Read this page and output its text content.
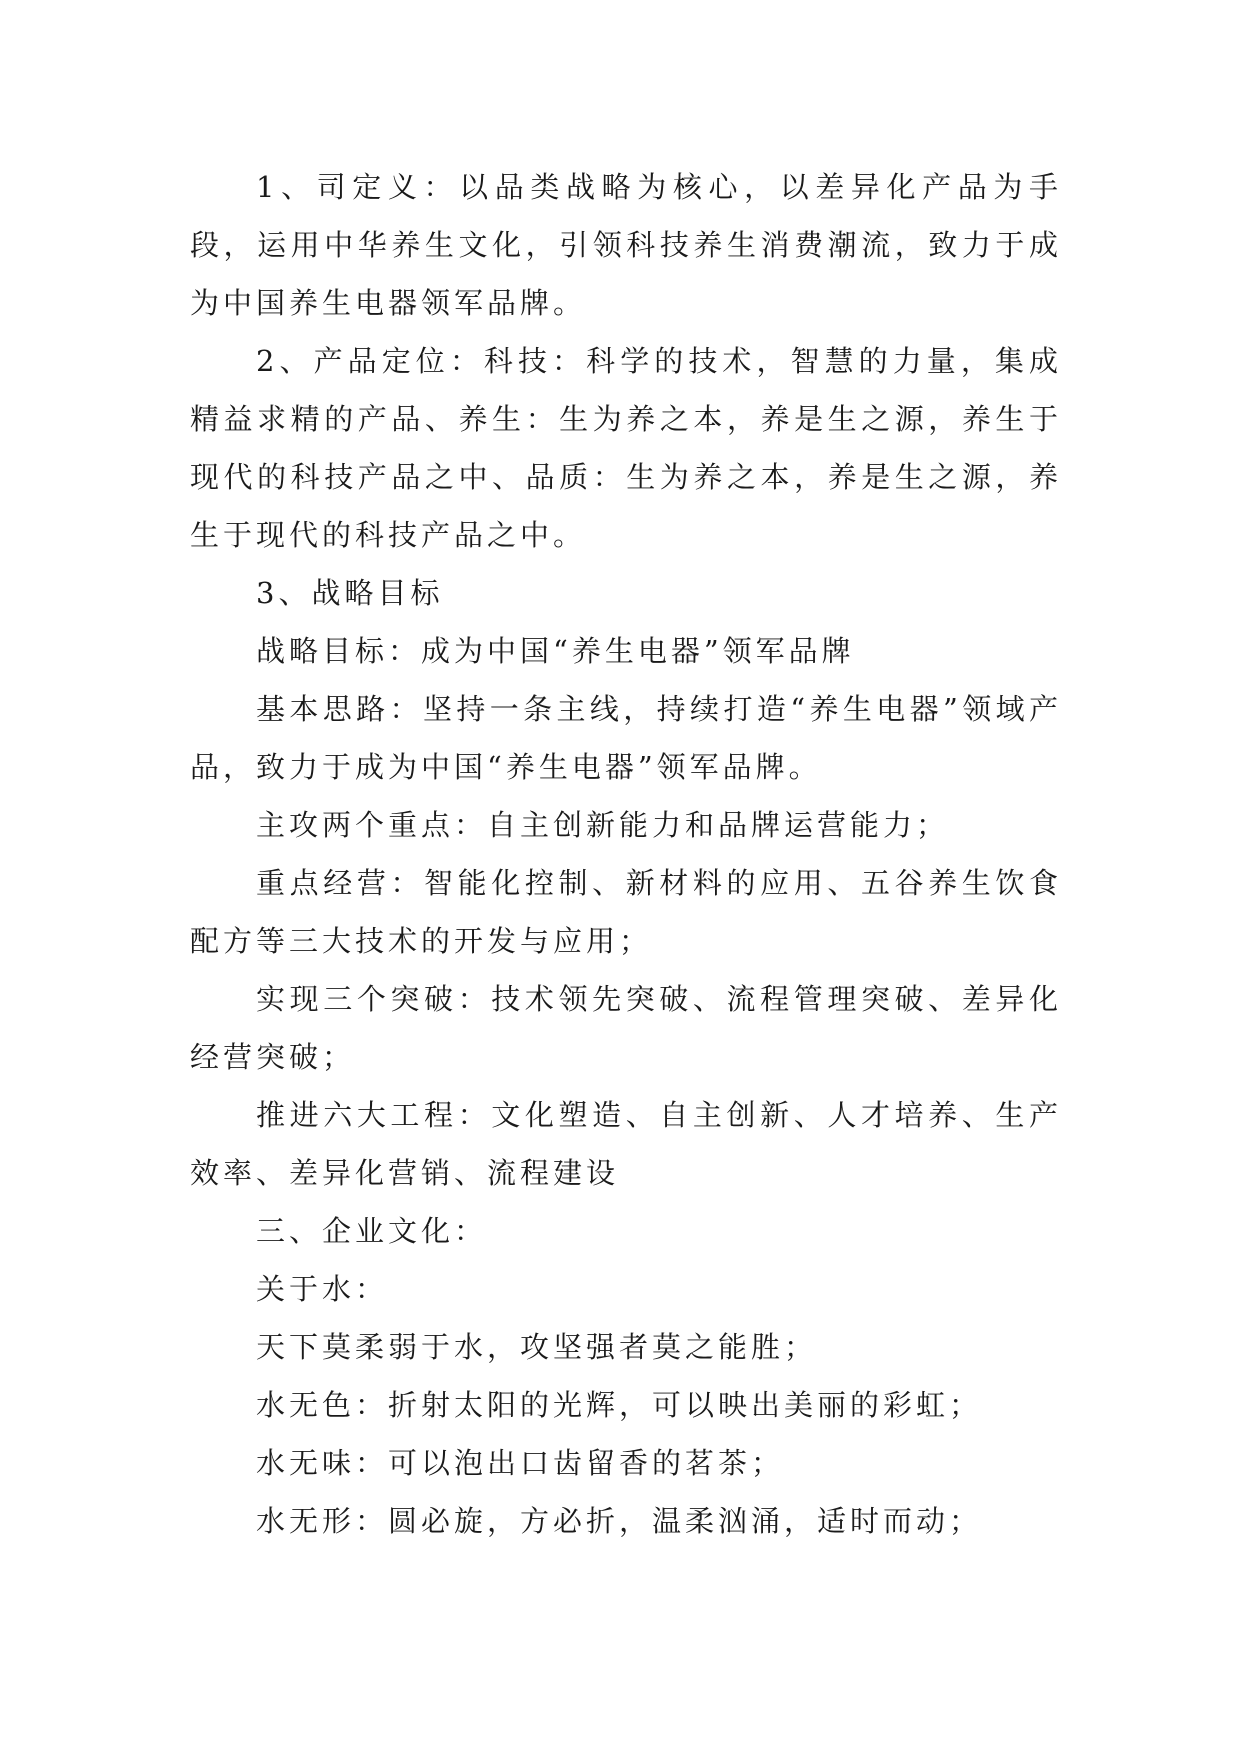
1、司定义：以品类战略为核心，以差异化产品为手段，运用中华养生文化，引领科技养生消费潮流，致力于成为中国养生电器领军品牌。

2、产品定位：科技：科学的技术，智慧的力量，集成精益求精的产品、养生：生为养之本，养是生之源，养生于现代的科技产品之中、品质：生为养之本，养是生之源，养生于现代的科技产品之中。

3、战略目标

战略目标：成为中国“养生电器”领军品牌

基本思路：坚持一条主线，持续打造“养生电器”领域产品，致力于成为中国“养生电器”领军品牌。

主攻两个重点：自主创新能力和品牌运营能力；

重点经营：智能化控制、新材料的应用、五谷养生饮食配方等三大技术的开发与应用；

实现三个突破：技术领先突破、流程管理突破、差异化经营突破；

推进六大工程：文化塑造、自主创新、人才培养、生产效率、差异化营销、流程建设

三、企业文化：

关于水：

天下莫柔弱于水，攻坚强者莫之能胜；

水无色：折射太阳的光辉，可以映出美丽的彩虹；

水无味：可以泡出口齿留香的茗茶；

水无形：圆必旋，方必折，温柔汹涌，适时而动；
